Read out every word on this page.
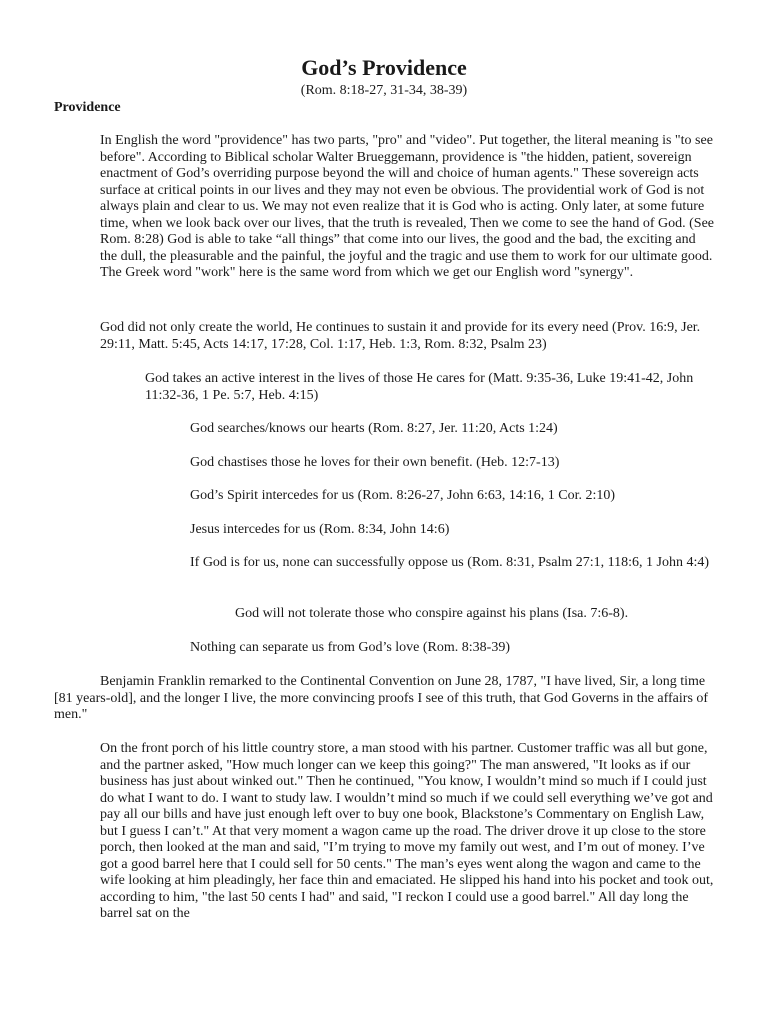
God’s Providence
(Rom. 8:18-27, 31-34, 38-39)
Providence

In English the word "providence" has two parts, "pro" and "video". Put together, the literal meaning is "to see before". According to Biblical scholar Walter Brueggemann, providence is "the hidden, patient, sovereign enactment of God’s overriding purpose beyond the will and choice of human agents." These sovereign acts surface at critical points in our lives and they may not even be obvious. The providential work of God is not always plain and clear to us. We may not even realize that it is God who is acting. Only later, at some future time, when we look back over our lives, that the truth is revealed, Then we come to see the hand of God. (See Rom. 8:28) God is able to take “all things” that come into our lives, the good and the bad, the exciting and the dull, the pleasurable and the painful, the joyful and the tragic and use them to work for our ultimate good. The Greek word "work" here is the same word from which we get our English word "synergy".

God did not only create the world, He continues to sustain it and provide for its every need (Prov. 16:9, Jer. 29:11, Matt. 5:45, Acts 14:17, 17:28, Col. 1:17, Heb. 1:3, Rom. 8:32, Psalm 23)

God takes an active interest in the lives of those He cares for (Matt. 9:35-36, Luke 19:41-42, John 11:32-36, 1 Pe. 5:7, Heb. 4:15)

God searches/knows our hearts (Rom. 8:27, Jer. 11:20, Acts 1:24)

God chastises those he loves for their own benefit. (Heb. 12:7-13)

God’s Spirit intercedes for us (Rom. 8:26-27, John 6:63, 14:16, 1 Cor. 2:10)

Jesus intercedes for us (Rom. 8:34, John 14:6)

If God is for us, none can successfully oppose us (Rom. 8:31, Psalm 27:1, 118:6, 1 John 4:4)

God will not tolerate those who conspire against his plans (Isa. 7:6-8).

Nothing can separate us from God’s love (Rom. 8:38-39)

Benjamin Franklin remarked to the Continental Convention on June 28, 1787, "I have lived, Sir, a long time [81 years-old], and the longer I live, the more convincing proofs I see of this truth, that God Governs in the affairs of men."

On the front porch of his little country store, a man stood with his partner. Customer traffic was all but gone, and the partner asked, "How much longer can we keep this going?" The man answered, "It looks as if our business has just about winked out." Then he continued, "You know, I wouldn’t mind so much if I could just do what I want to do. I want to study law. I wouldn’t mind so much if we could sell everything we’ve got and pay all our bills and have just enough left over to buy one book, Blackstone’s Commentary on English Law, but I guess I can’t." At that very moment a wagon came up the road. The driver drove it up close to the store porch, then looked at the man and said, "I’m trying to move my family out west, and I’m out of money. I’ve got a good barrel here that I could sell for 50 cents." The man’s eyes went along the wagon and came to the wife looking at him pleadingly, her face thin and emaciated. He slipped his hand into his pocket and took out, according to him, "the last 50 cents I had" and said, "I reckon I could use a good barrel." All day long the barrel sat on the
